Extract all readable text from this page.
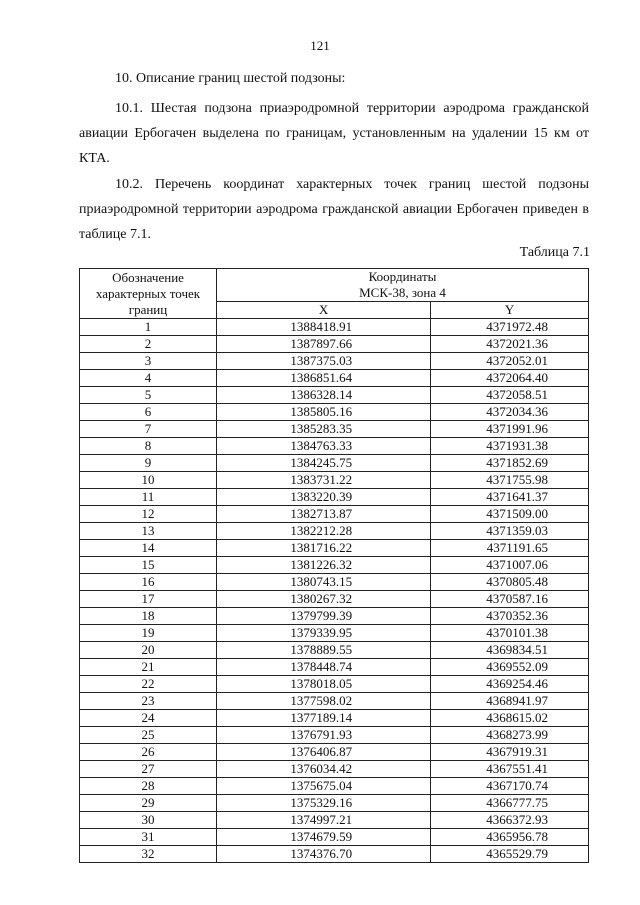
121
10. Описание границ шестой подзоны:
10.1. Шестая подзона приаэродромной территории аэродрома гражданской авиации Ербогачен выделена по границам, установленным на удалении 15 км от КТА.
10.2. Перечень координат характерных точек границ шестой подзоны приаэродромной территории аэродрома гражданской авиации Ербогачен приведен в таблице 7.1.
Таблица 7.1
Обозначение характерных точек границ	Координаты
МСК-38, зона 4	

	X	Y
1	1388418.91	4371972.48
2	1387897.66	4372021.36
3	1387375.03	4372052.01
4	1386851.64	4372064.40
5	1386328.14	4372058.51
6	1385805.16	4372034.36
7	1385283.35	4371991.96
8	1384763.33	4371931.38
9	1384245.75	4371852.69
10	1383731.22	4371755.98
11	1383220.39	4371641.37
12	1382713.87	4371509.00
13	1382212.28	4371359.03
14	1381716.22	4371191.65
15	1381226.32	4371007.06
16	1380743.15	4370805.48
17	1380267.32	4370587.16
18	1379799.39	4370352.36
19	1379339.95	4370101.38
20	1378889.55	4369834.51
21	1378448.74	4369552.09
22	1378018.05	4369254.46
23	1377598.02	4368941.97
24	1377189.14	4368615.02
25	1376791.93	4368273.99
26	1376406.87	4367919.31
27	1376034.42	4367551.41
28	1375675.04	4367170.74
29	1375329.16	4366777.75
30	1374997.21	4366372.93
31	1374679.59	4365956.78
32	1374376.70	4365529.79
